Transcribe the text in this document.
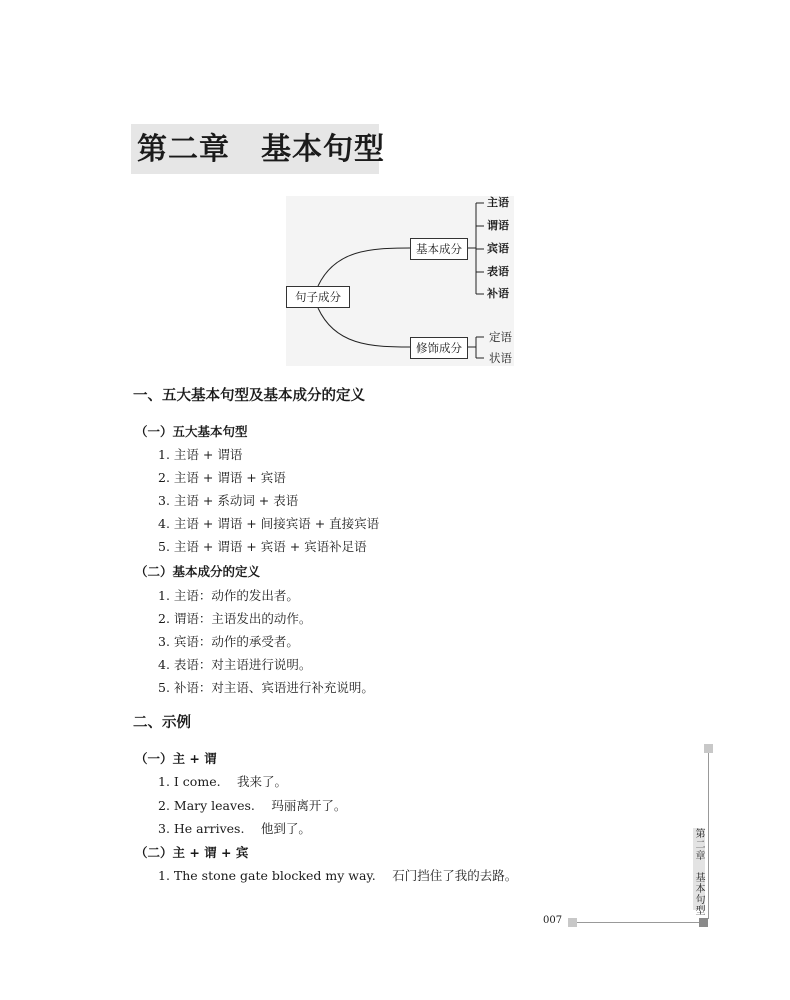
第二章　基本句型
句子成分
基本成分
修饰成分
主语
谓语
宾语
表语
补语
定语
状语
一、五大基本句型及基本成分的定义
（一）五大基本句型
1. 主语 + 谓语
2. 主语 + 谓语 + 宾语
3. 主语 + 系动词 + 表语
4. 主语 + 谓语 + 间接宾语 + 直接宾语
5. 主语 + 谓语 + 宾语 + 宾语补足语
（二）基本成分的定义
1. 主语：动作的发出者。
2. 谓语：主语发出的动作。
3. 宾语：动作的承受者。
4. 表语：对主语进行说明。
5. 补语：对主语、宾语进行补充说明。
二、示例
（一）主 + 谓
1. I come.　 我来了。
2. Mary leaves.　 玛丽离开了。
3. He arrives.　 他到了。
（二）主 + 谓 + 宾
1. The stone gate blocked my way.　 石门挡住了我的去路。	第二章　基本句型
007
